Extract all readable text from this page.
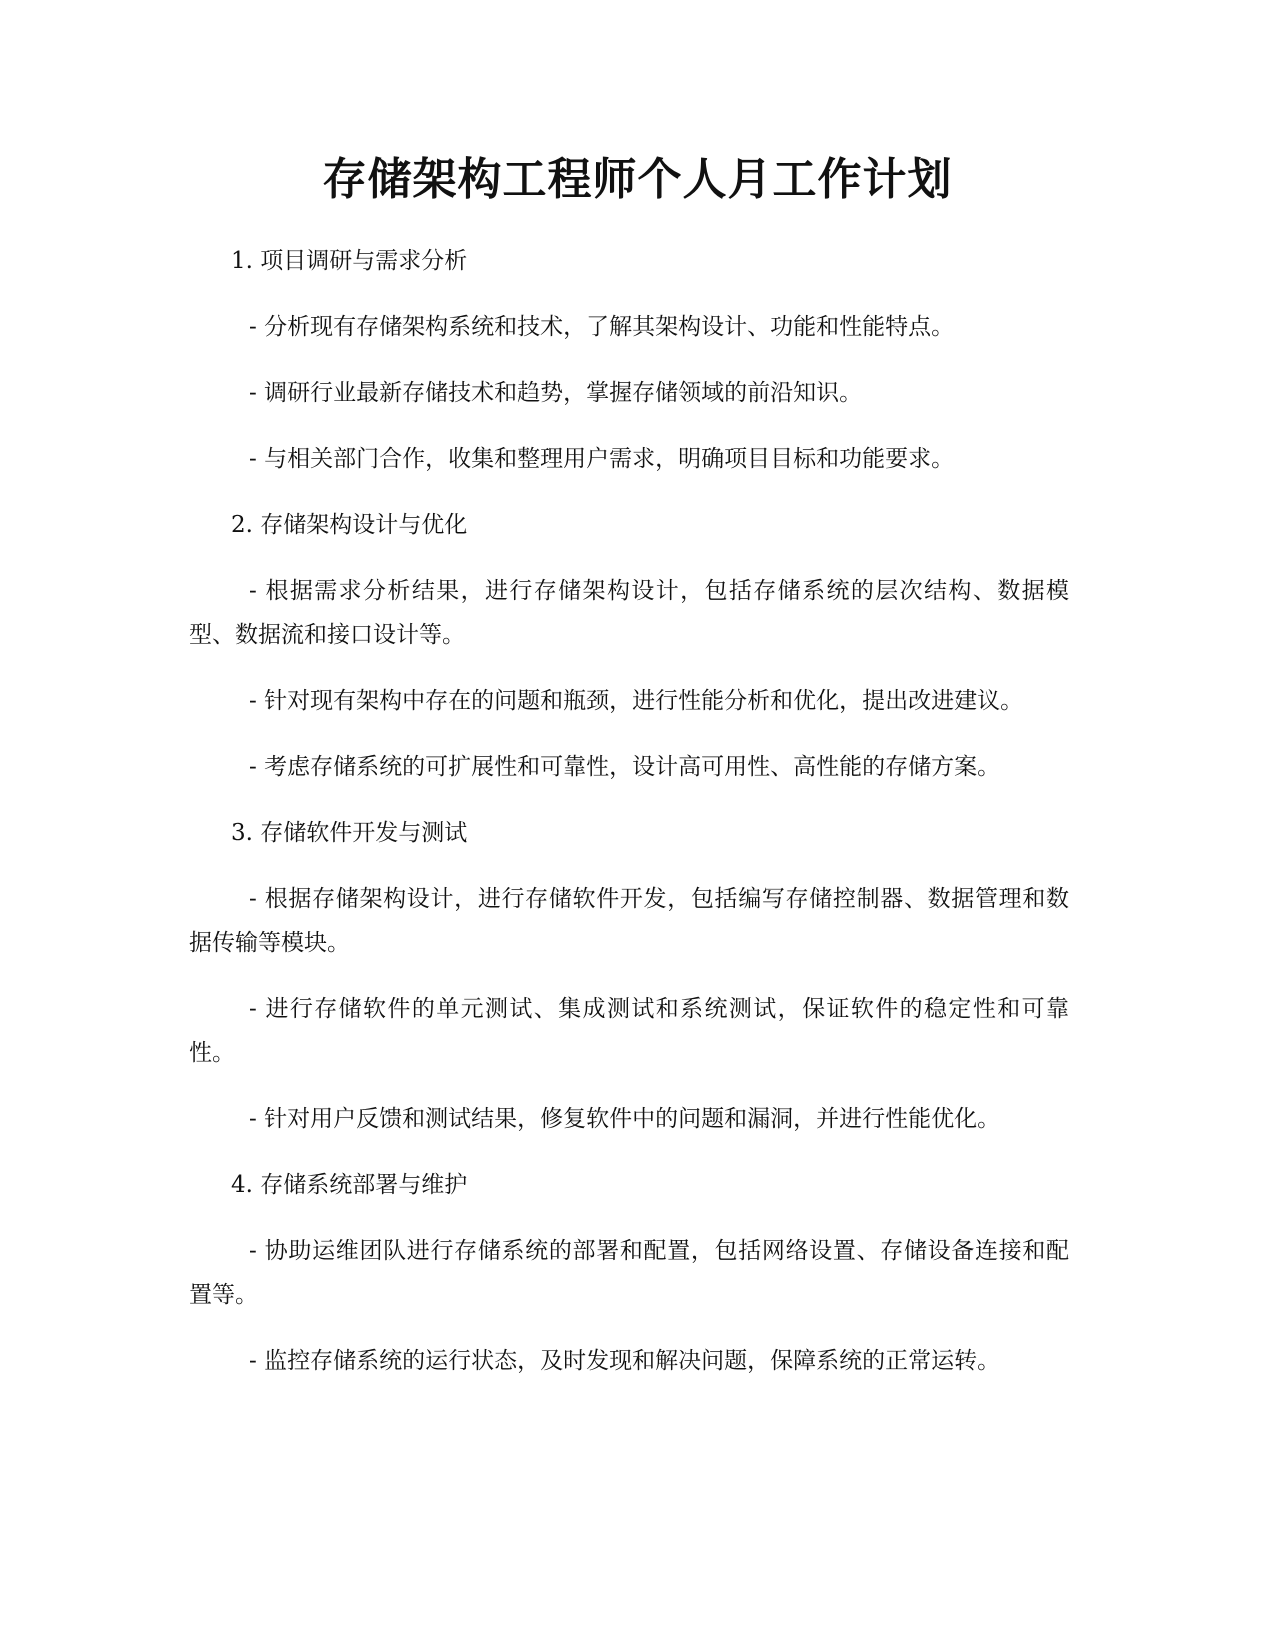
存储架构工程师个人月工作计划

1. 项目调研与需求分析

- 分析现有存储架构系统和技术，了解其架构设计、功能和性能特点。

- 调研行业最新存储技术和趋势，掌握存储领域的前沿知识。

- 与相关部门合作，收集和整理用户需求，明确项目目标和功能要求。

2. 存储架构设计与优化

- 根据需求分析结果，进行存储架构设计，包括存储系统的层次结构、数据模型、数据流和接口设计等。

- 针对现有架构中存在的问题和瓶颈，进行性能分析和优化，提出改进建议。

- 考虑存储系统的可扩展性和可靠性，设计高可用性、高性能的存储方案。

3. 存储软件开发与测试

- 根据存储架构设计，进行存储软件开发，包括编写存储控制器、数据管理和数据传输等模块。

- 进行存储软件的单元测试、集成测试和系统测试，保证软件的稳定性和可靠性。

- 针对用户反馈和测试结果，修复软件中的问题和漏洞，并进行性能优化。

4. 存储系统部署与维护

- 协助运维团队进行存储系统的部署和配置，包括网络设置、存储设备连接和配置等。

- 监控存储系统的运行状态，及时发现和解决问题，保障系统的正常运转。
